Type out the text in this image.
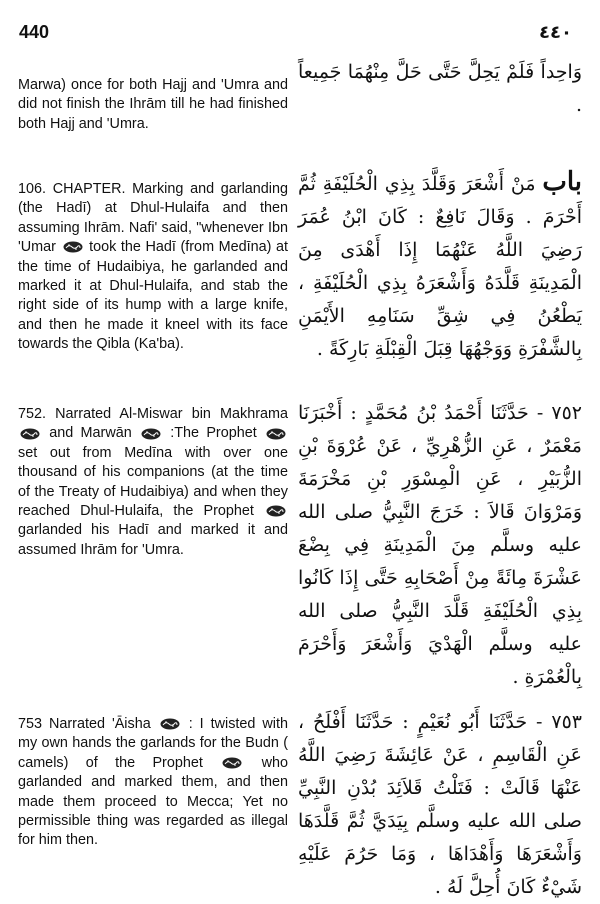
440	٤٤٠
Marwa) once for both Hajj and 'Umra and did not finish the Ihrām till he had finished both Hajj and 'Umra.
وَاحِداً فَلَمْ يَحِلَّ حَتَّى حَلَّ مِنْهُمَا جَمِيعاً .
106. CHAPTER. Marking and garlanding (the Hadī) at Dhul-Hulaifa and then assuming Ihrām. Nafi' said, "whenever Ibn 'Umar took the Hadī (from Medīna) at the time of Hudaibiya, he garlanded and marked it at Dhul-Hulaifa, and stab the right side of its hump with a large knife, and then he made it kneel with its face towards the Qibla (Ka'ba).
باب مَنْ أَشْعَرَ وَقَلَّدَ بِذِي الْحُلَيْفَةِ ثُمَّ أَحْرَمَ . وَقَالَ نَافِعٌ : كَانَ ابْنُ عُمَرَ رَضِيَ اللَّهُ عَنْهُمَا إِذَا أَهْدَى مِنَ الْمَدِينَةِ قَلَّدَهُ وَأَشْعَرَهُ بِذِي الْحُلَيْفَةِ ، يَطْعُنُ فِي شِقِّ سَنَامِهِ الأَيْمَنِ بِالشَّفْرَةِ وَوَجْهُهَا قِبَلَ الْقِبْلَةِ بَارِكَةً .
752. Narrated Al-Miswar bin Makhrama
and Marwān	:The Prophet
set out from Medīna with over one thousand of his companions (at the time of the Treaty of Hudaibiya) and when they reached Dhul-Hulaifa, the Prophet
garlanded his Hadī and marked it and assumed Ihrām for 'Umra.
٧٥٢ - حَدَّثَنَا أَحْمَدُ بْنُ مُحَمَّدٍ : أَخْبَرَنَا مَعْمَرٌ ، عَنِ الزُّهْرِيِّ ، عَنْ عُرْوَةَ بْنِ الزُّبَيْرِ ، عَنِ الْمِسْوَرِ بْنِ مَخْرَمَةَ وَمَرْوَانَ قَالاَ : خَرَجَ النَّبِيُّ صلى الله عليه وسلَّم مِنَ الْمَدِينَةِ فِي بِضْعَ عَشْرَةَ مِائَةً مِنْ أَصْحَابِهِ حَتَّى إِذَا كَانُوا بِذِي الْحُلَيْفَةِ قَلَّدَ النَّبِيُّ صلى الله عليه وسلَّم الْهَدْيَ وَأَشْعَرَ وَأَحْرَمَ بِالْعُمْرَةِ .
753 Narrated 'Āisha	: I twisted with my own hands the garlands for the Budn ( camels) of the Prophet	who garlanded and marked them, and then made them proceed to Mecca; Yet no permissible thing was regarded as illegal for him then.
٧٥٣ - حَدَّثَنَا أَبُو نُعَيْمٍ : حَدَّثَنَا أَفْلَحُ ، عَنِ الْقَاسِمِ ، عَنْ عَائِشَةَ رَضِيَ اللَّهُ عَنْهَا قَالَتْ : فَتَلْتُ قَلاَئِدَ بُدْنِ النَّبِيِّ صلى الله عليه وسلَّم بِيَدَيَّ ثُمَّ قَلَّدَهَا وَأَشْعَرَهَا وَأَهْدَاهَا ، وَمَا حَرُمَ عَلَيْهِ شَيْءٌ كَانَ أُحِلَّ لَهُ .
